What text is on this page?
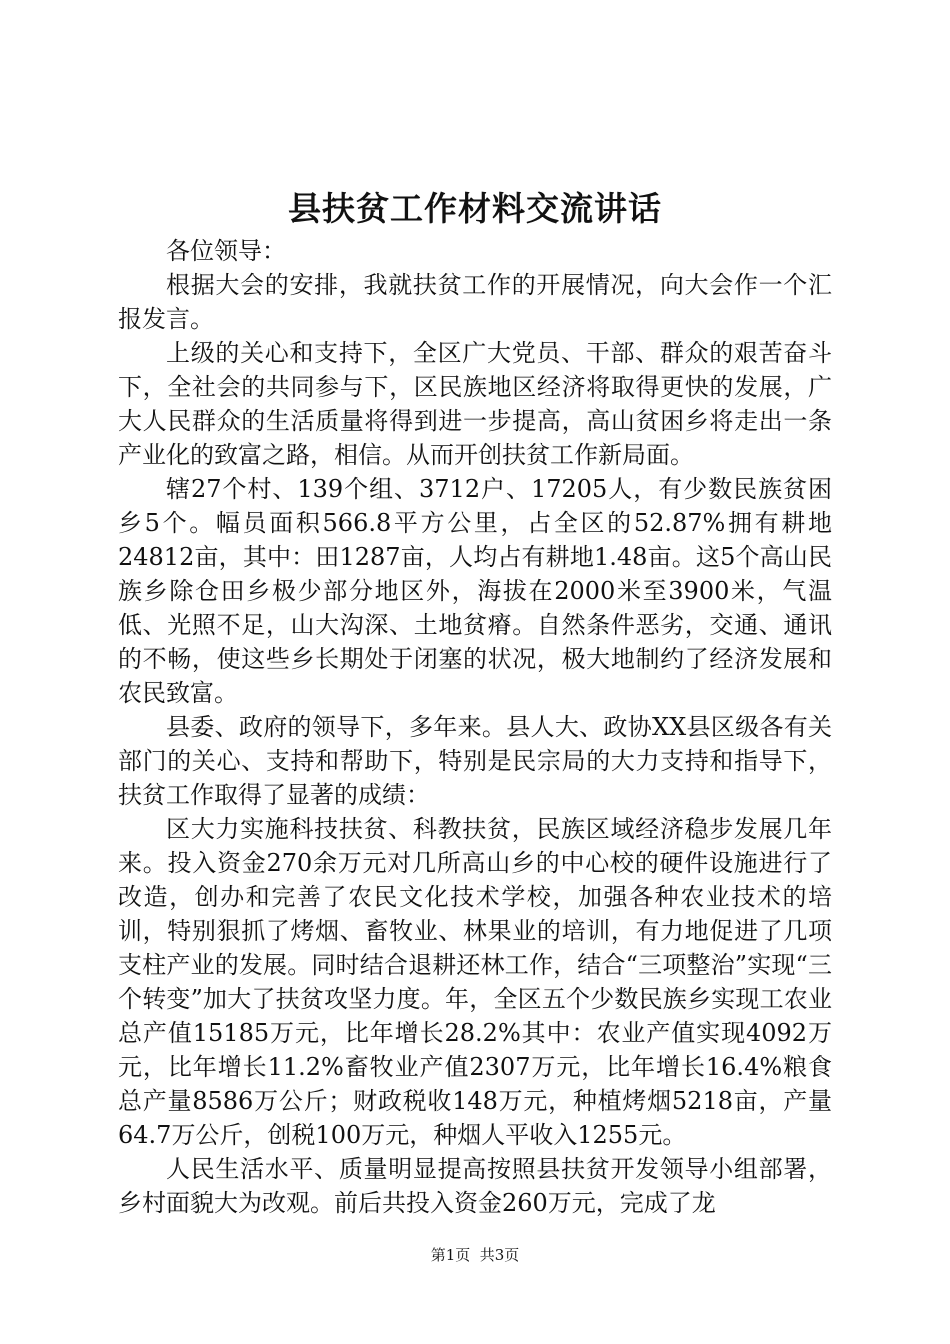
县扶贫工作材料交流讲话

各位领导：

根据大会的安排，我就扶贫工作的开展情况，向大会作一个汇报发言。

上级的关心和支持下，全区广大党员、干部、群众的艰苦奋斗下，全社会的共同参与下，区民族地区经济将取得更快的发展，广大人民群众的生活质量将得到进一步提高，高山贫困乡将走出一条产业化的致富之路，相信。从而开创扶贫工作新局面。

辖27个村、139个组、3712户、17205人，有少数民族贫困乡5个。幅员面积566.8平方公里，占全区的52.87%拥有耕地24812亩，其中：田1287亩，人均占有耕地1.48亩。这5个高山民族乡除仓田乡极少部分地区外，海拔在2000米至3900米，气温低、光照不足，山大沟深、土地贫瘠。自然条件恶劣，交通、通讯的不畅，使这些乡长期处于闭塞的状况，极大地制约了经济发展和农民致富。

县委、政府的领导下，多年来。县人大、政协XX县区级各有关部门的关心、支持和帮助下，特别是民宗局的大力支持和指导下，扶贫工作取得了显著的成绩：

区大力实施科技扶贫、科教扶贫，民族区域经济稳步发展几年来。投入资金270余万元对几所高山乡的中心校的硬件设施进行了改造，创办和完善了农民文化技术学校，加强各种农业技术的培训，特别狠抓了烤烟、畜牧业、林果业的培训，有力地促进了几项支柱产业的发展。同时结合退耕还林工作，结合“三项整治”实现“三个转变”加大了扶贫攻坚力度。年，全区五个少数民族乡实现工农业总产值15185万元，比年增长28.2%其中：农业产值实现4092万元，比年增长11.2%畜牧业产值2307万元，比年增长16.4%粮食总产量8586万公斤；财政税收148万元，种植烤烟5218亩，产量64.7万公斤，创税100万元，种烟人平收入1255元。

人民生活水平、质量明显提高按照县扶贫开发领导小组部署，乡村面貌大为改观。前后共投入资金260万元，完成了龙

第1页  共3页
